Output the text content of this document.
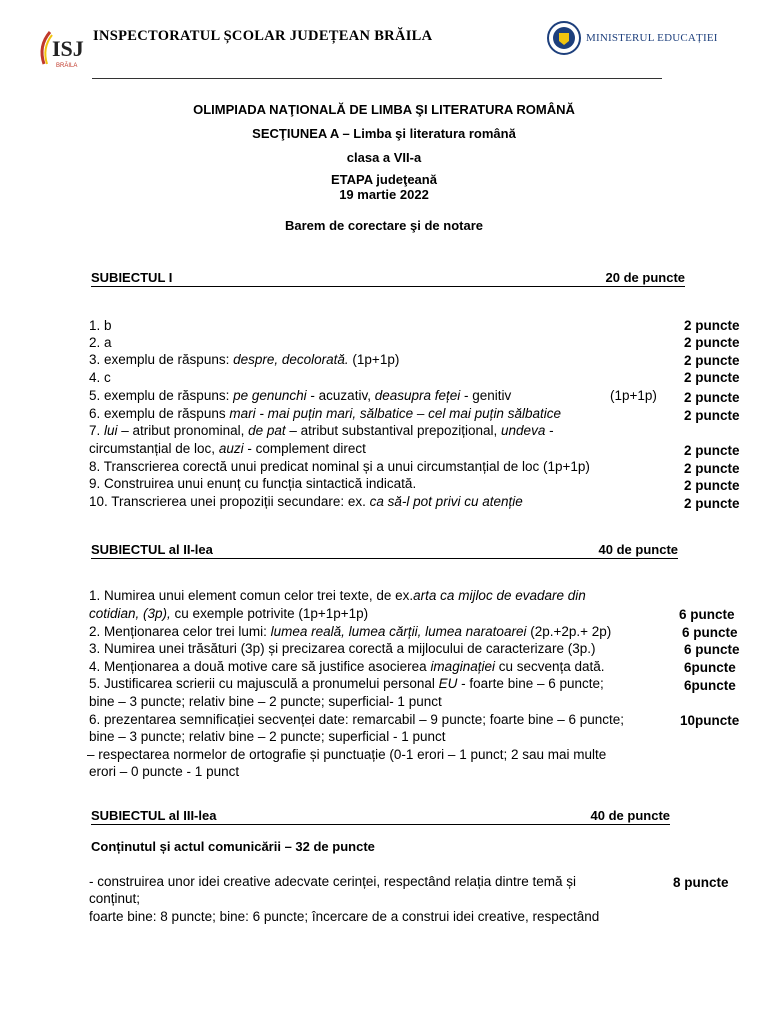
ISJ
BRĂILA
INSPECTORATUL ȘCOLAR JUDEȚEAN BRĂILA	MINISTERUL EDUCAȚIEI
OLIMPIADA NAŢIONALĂ DE LIMBA ŞI LITERATURA ROMÂNĂ
SECŢIUNEA A – Limba şi literatura română
clasa a VII-a
ETAPA judeţeană
19 martie 2022
Barem de corectare şi de notare
SUBIECTUL I	20 de puncte
1. b	2 puncte
2. a	2 puncte
3. exemplu de răspuns: despre, decolorată. (1p+1p)	2 puncte
4. c	2 puncte
5. exemplu de răspuns: pe genunchi - acuzativ, deasupra feței - genitiv	(1p+1p) 2 puncte
6. exemplu de răspuns mari - mai puțin mari, sălbatice – cel mai puțin sălbatice	2 puncte
7. lui – atribut pronominal, de pat – atribut substantival prepozițional, undeva -
circumstanțial de loc, auzi - complement direct	2 puncte
8. Transcrierea corectă unui predicat nominal și a unui circumstanțial de loc (1p+1p)	2 puncte
9. Construirea unui enunț cu funcția sintactică indicată.	2 puncte
10. Transcrierea unei propoziții secundare: ex. ca să-l pot privi cu atenție	2 puncte
SUBIECTUL al II-lea	40 de puncte
1. Numirea unui element comun celor trei texte, de ex.arta ca mijloc de evadare din
cotidian, (3p), cu exemple potrivite (1p+1p+1p)	6 puncte
2. Menționarea celor trei lumi: lumea reală, lumea cărții, lumea naratoarei (2p.+2p.+ 2p)	6 puncte
3. Numirea unei trăsături (3p) și precizarea corectă a mijlocului de caracterizare (3p.)	6 puncte
4. Menționarea a două motive care să justifice asocierea imaginației cu secvența dată.	6puncte
5. Justificarea scrierii cu majusculă a pronumelui personal EU - foarte bine – 6 puncte;	6puncte
bine – 3 puncte; relativ bine – 2 puncte; superficial- 1 punct
6. prezentarea semnificației secvenței date: remarcabil – 9 puncte; foarte bine – 6 puncte;	10puncte
bine – 3 puncte; relativ bine – 2 puncte; superficial - 1 punct
– respectarea normelor de ortografie și punctuație (0-1 erori – 1 punct; 2 sau mai multe
erori – 0 puncte - 1 punct
SUBIECTUL al III-lea	40 de puncte
Conținutul și actul comunicării – 32 de puncte
- construirea unor idei creative adecvate cerinței, respectând relația dintre temă și	8 puncte
conținut;
foarte bine: 8 puncte; bine: 6 puncte; încercare de a construi idei creative, respectând
